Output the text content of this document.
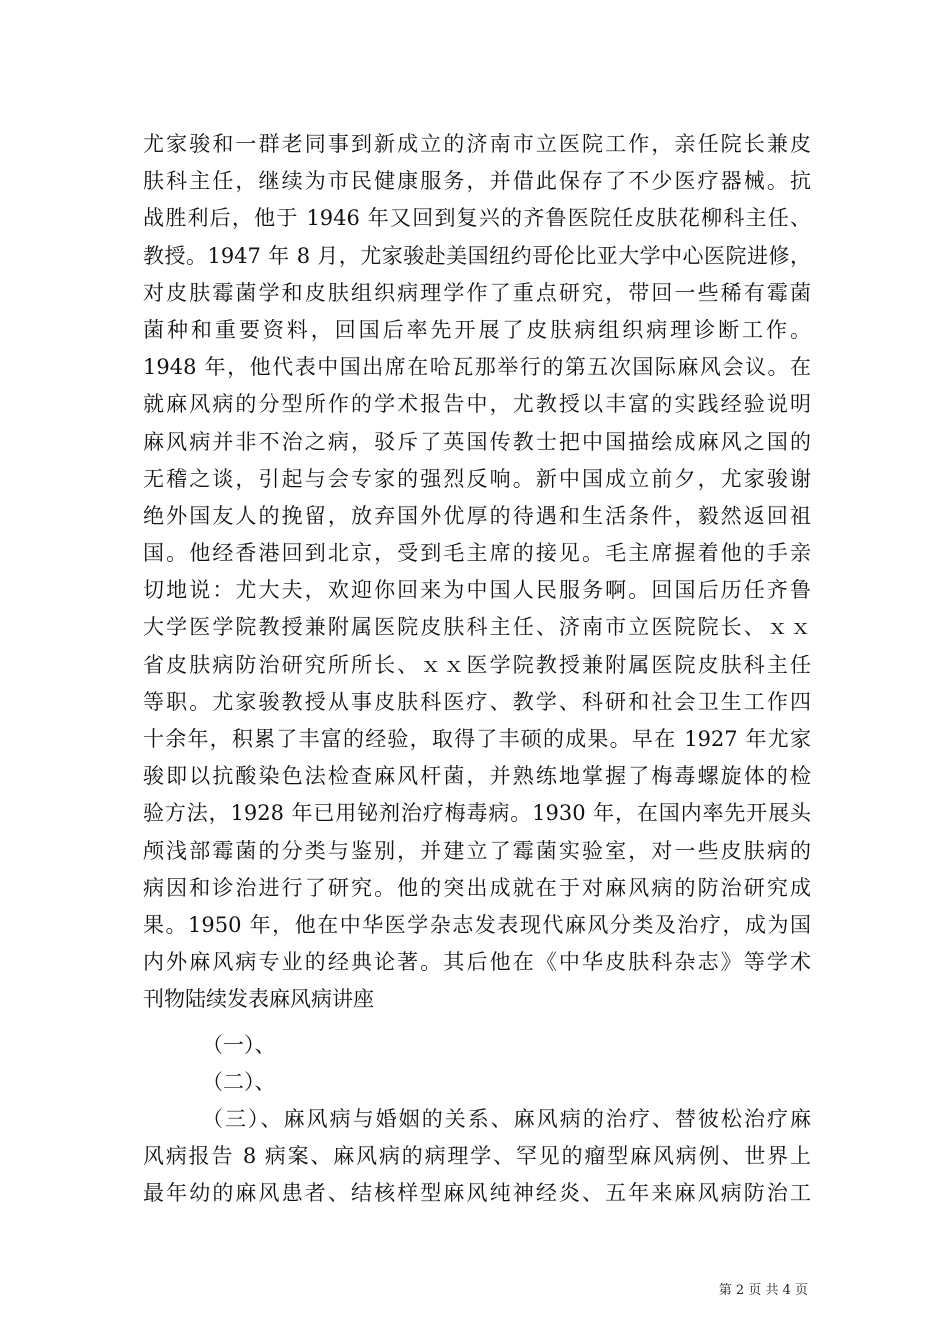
尤家骏和一群老同事到新成立的济南市立医院工作，亲任院长兼皮
肤科主任，继续为市民健康服务，并借此保存了不少医疗器械。抗
战胜利后，他于 1946 年又回到复兴的齐鲁医院任皮肤花柳科主任、
教授。1947 年 8 月，尤家骏赴美国纽约哥伦比亚大学中心医院进修，
对皮肤霉菌学和皮肤组织病理学作了重点研究，带回一些稀有霉菌
菌种和重要资料，回国后率先开展了皮肤病组织病理诊断工作。
1948 年，他代表中国出席在哈瓦那举行的第五次国际麻风会议。在
就麻风病的分型所作的学术报告中，尤教授以丰富的实践经验说明
麻风病并非不治之病，驳斥了英国传教士把中国描绘成麻风之国的
无稽之谈，引起与会专家的强烈反响。新中国成立前夕，尤家骏谢
绝外国友人的挽留，放弃国外优厚的待遇和生活条件，毅然返回祖
国。他经香港回到北京，受到毛主席的接见。毛主席握着他的手亲
切地说：尤大夫，欢迎你回来为中国人民服务啊。回国后历任齐鲁
大学医学院教授兼附属医院皮肤科主任、济南市立医院院长、ｘｘ
省皮肤病防治研究所所长、ｘｘ医学院教授兼附属医院皮肤科主任
等职。尤家骏教授从事皮肤科医疗、教学、科研和社会卫生工作四
十余年，积累了丰富的经验，取得了丰硕的成果。早在 1927 年尤家
骏即以抗酸染色法检查麻风杆菌，并熟练地掌握了梅毒螺旋体的检
验方法，1928 年已用铋剂治疗梅毒病。1930 年，在国内率先开展头
颅浅部霉菌的分类与鉴别，并建立了霉菌实验室，对一些皮肤病的
病因和诊治进行了研究。他的突出成就在于对麻风病的防治研究成
果。1950 年，他在中华医学杂志发表现代麻风分类及治疗，成为国
内外麻风病专业的经典论著。其后他在《中华皮肤科杂志》等学术
刊物陆续发表麻风病讲座
（一）、
（二）、
（三）、麻风病与婚姻的关系、麻风病的治疗、替彼松治疗麻
风病报告 8 病案、麻风病的病理学、罕见的瘤型麻风病例、世界上
最年幼的麻风患者、结核样型麻风纯神经炎、五年来麻风病防治工
第 2 页 共 4 页
